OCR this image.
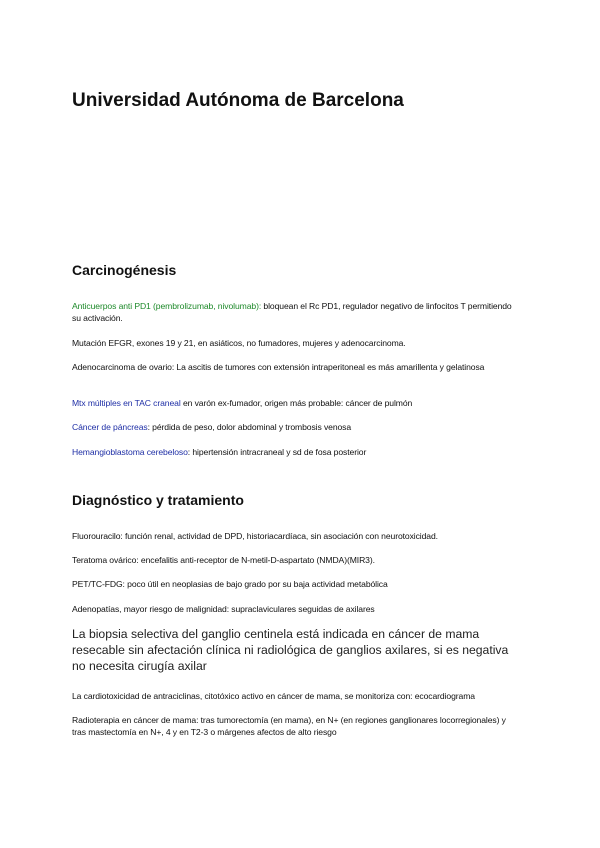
Universidad Autónoma de Barcelona
Carcinogénesis

Anticuerpos anti PD1 (pembrolizumab, nivolumab): bloquean el Rc PD1, regulador negativo de linfocitos T permitiendo su activación.

Mutación EFGR, exones 19 y 21, en asiáticos, no fumadores, mujeres y adenocarcinoma.

Adenocarcinoma de ovario: La ascitis de tumores con extensión intraperitoneal es más amarillenta y gelatinosa

Mtx múltiples en TAC craneal en varón ex-fumador, origen más probable: cáncer de pulmón

Cáncer de páncreas: pérdida de peso, dolor abdominal y trombosis venosa

Hemangioblastoma cerebeloso: hipertensión intracraneal y sd de fosa posterior

Diagnóstico y tratamiento

Fluorouracilo: función renal, actividad de DPD, historiacardíaca, sin asociación con neurotoxicidad.

Teratoma ovárico: encefalitis anti-receptor de N-metil-D-aspartato (NMDA)(MIR3).

PET/TC-FDG: poco útil en neoplasias de bajo grado por su baja actividad metabólica

Adenopatías, mayor riesgo de malignidad: supraclaviculares seguidas de axilares

La biopsia selectiva del ganglio centinela está indicada en cáncer de mama resecable sin afectación clínica ni radiológica de ganglios axilares, si es negativa no necesita cirugía axilar

La cardiotoxicidad de antraciclinas, citotóxico activo en cáncer de mama, se monitoriza con: ecocardiograma

Radioterapia en cáncer de mama: tras tumorectomía (en mama), en N+ (en regiones ganglionares locorregionales) y tras mastectomía en N+, 4 y en T2-3 o márgenes afectos de alto riesgo
